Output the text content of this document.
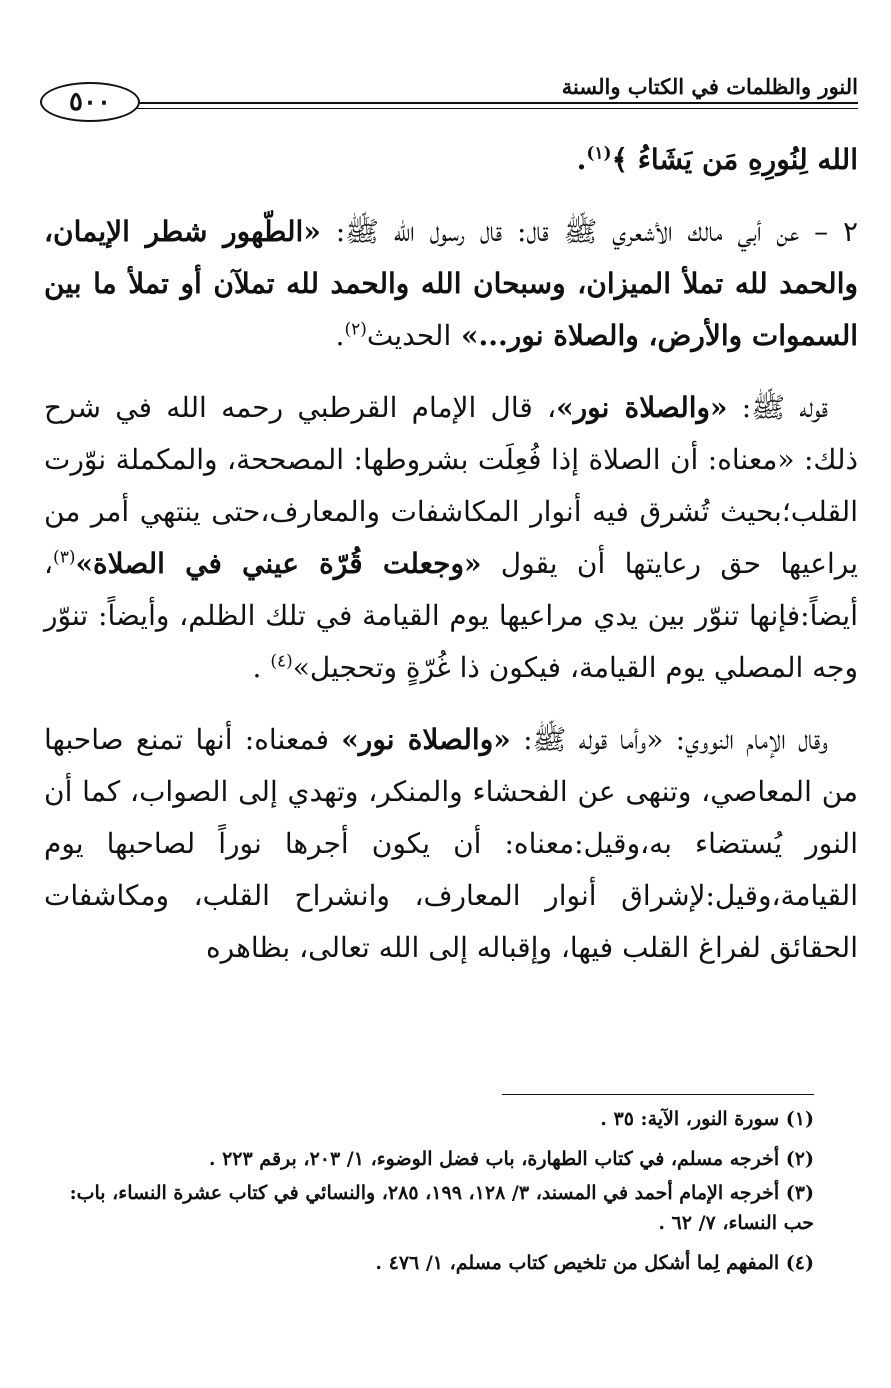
٥٠٠
النور والظلمات في الكتاب والسنة

الله لِنُورِهِ مَن يَشَاءُ ﴾$^{(١)}$.

٢ – عن أبي مالك الأشعري ﷺ قال: قال رسول الله ﷺ: «الطّهور شطر الإيمان، والحمد لله تملأ الميزان، وسبحان الله والحمد لله تملآن أو تملأ ما بين السموات والأرض، والصلاة نور...» الحديث$^{(٢)}$.

قوله ﷺ: «والصلاة نور»، قال الإمام القرطبي رحمه الله في شرح ذلك: «معناه: أن الصلاة إذا فُعِلَت بشروطها: المصححة، والمكملة نوّرت القلب؛بحيث تُشرق فيه أنوار المكاشفات والمعارف،حتى ينتهي أمر من يراعيها حق رعايتها أن يقول «وجعلت قُرّة عيني في الصلاة»$^{(٣)}$، أيضاً:فإنها تنوّر بين يدي مراعيها يوم القيامة في تلك الظلم، وأيضاً: تنوّر وجه المصلي يوم القيامة، فيكون ذا غُرّةٍ وتحجيل»$^{(٤)}$ .

وقال الإمام النووي: «وأما قوله ﷺ: «والصلاة نور» فمعناه: أنها تمنع صاحبها من المعاصي، وتنهى عن الفحشاء والمنكر، وتهدي إلى الصواب، كما أن النور يُستضاء به،وقيل:معناه: أن يكون أجرها نوراً لصاحبها يوم القيامة،وقيل:لإشراق أنوار المعارف، وانشراح القلب، ومكاشفات الحقائق لفراغ القلب فيها، وإقباله إلى الله تعالى، بظاهره

(١) سورة النور، الآية: ٣٥ .

(٢) أخرجه مسلم، في كتاب الطهارة، باب فضل الوضوء، ١/ ٢٠٣، برقم ٢٢٣ .

(٣) أخرجه الإمام أحمد في المسند، ٣/ ١٢٨، ١٩٩، ٢٨٥، والنسائي في كتاب عشرة النساء، باب: حب النساء، ٧/ ٦٢ .

(٤) المفهم لِما أشكل من تلخيص كتاب مسلم، ١/ ٤٧٦ .
